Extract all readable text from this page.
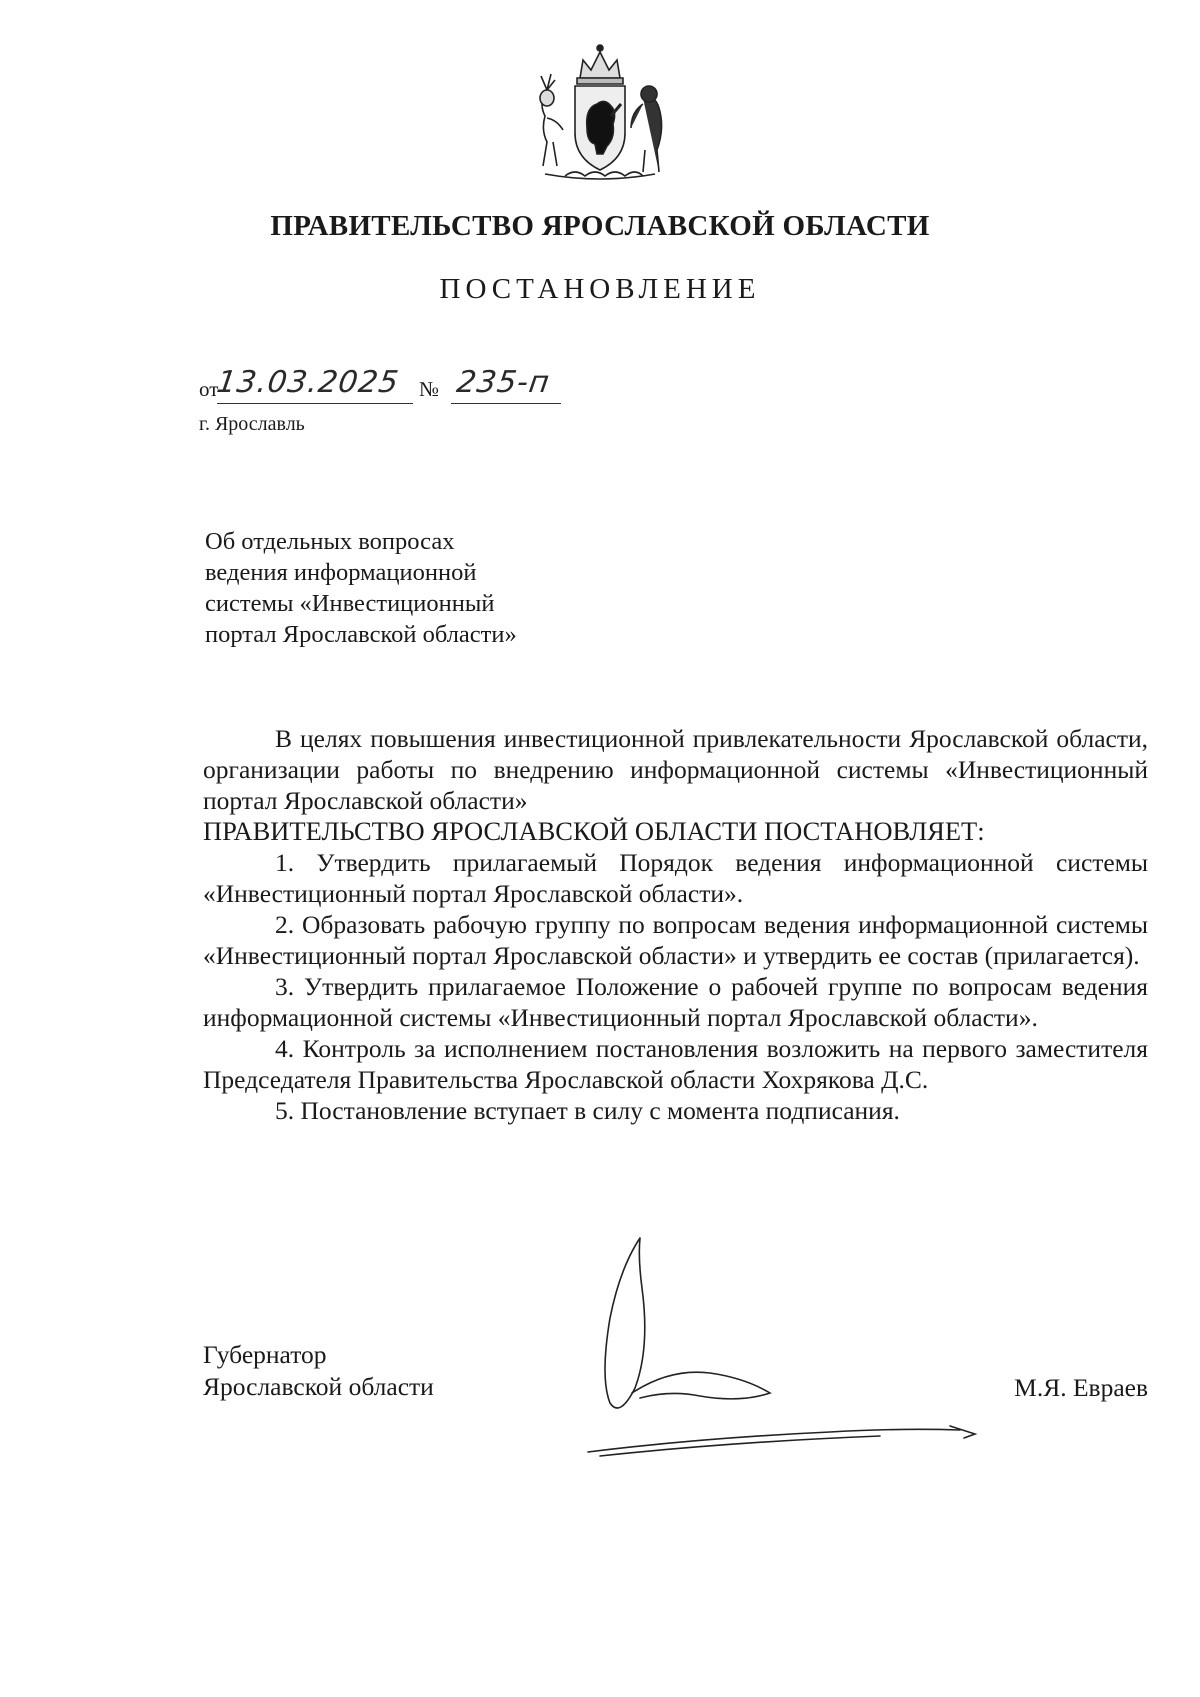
ПРАВИТЕЛЬСТВО ЯРОСЛАВСКОЙ ОБЛАСТИ
ПОСТАНОВЛЕНИЕ
от
13.03.2025 № 235-п
г. Ярославль
Об отдельных вопросах
ведения информационной
системы «Инвестиционный
портал Ярославской области»

В целях повышения инвестиционной привлекательности Ярославской области, организации работы по внедрению информационной системы «Инвестиционный портал Ярославской области»

ПРАВИТЕЛЬСТВО ЯРОСЛАВСКОЙ ОБЛАСТИ ПОСТАНОВЛЯЕТ:

1. Утвердить прилагаемый Порядок ведения информационной системы «Инвестиционный портал Ярославской области».

2. Образовать рабочую группу по вопросам ведения информационной системы «Инвестиционный портал Ярославской области» и утвердить ее состав (прилагается).

3. Утвердить прилагаемое Положение о рабочей группе по вопросам ведения информационной системы «Инвестиционный портал Ярославской области».

4. Контроль за исполнением постановления возложить на первого заместителя Председателя Правительства Ярославской области Хохрякова Д.С.

5. Постановление вступает в силу с момента подписания.

Губернатор
Ярославской области	М.Я. Евраев
